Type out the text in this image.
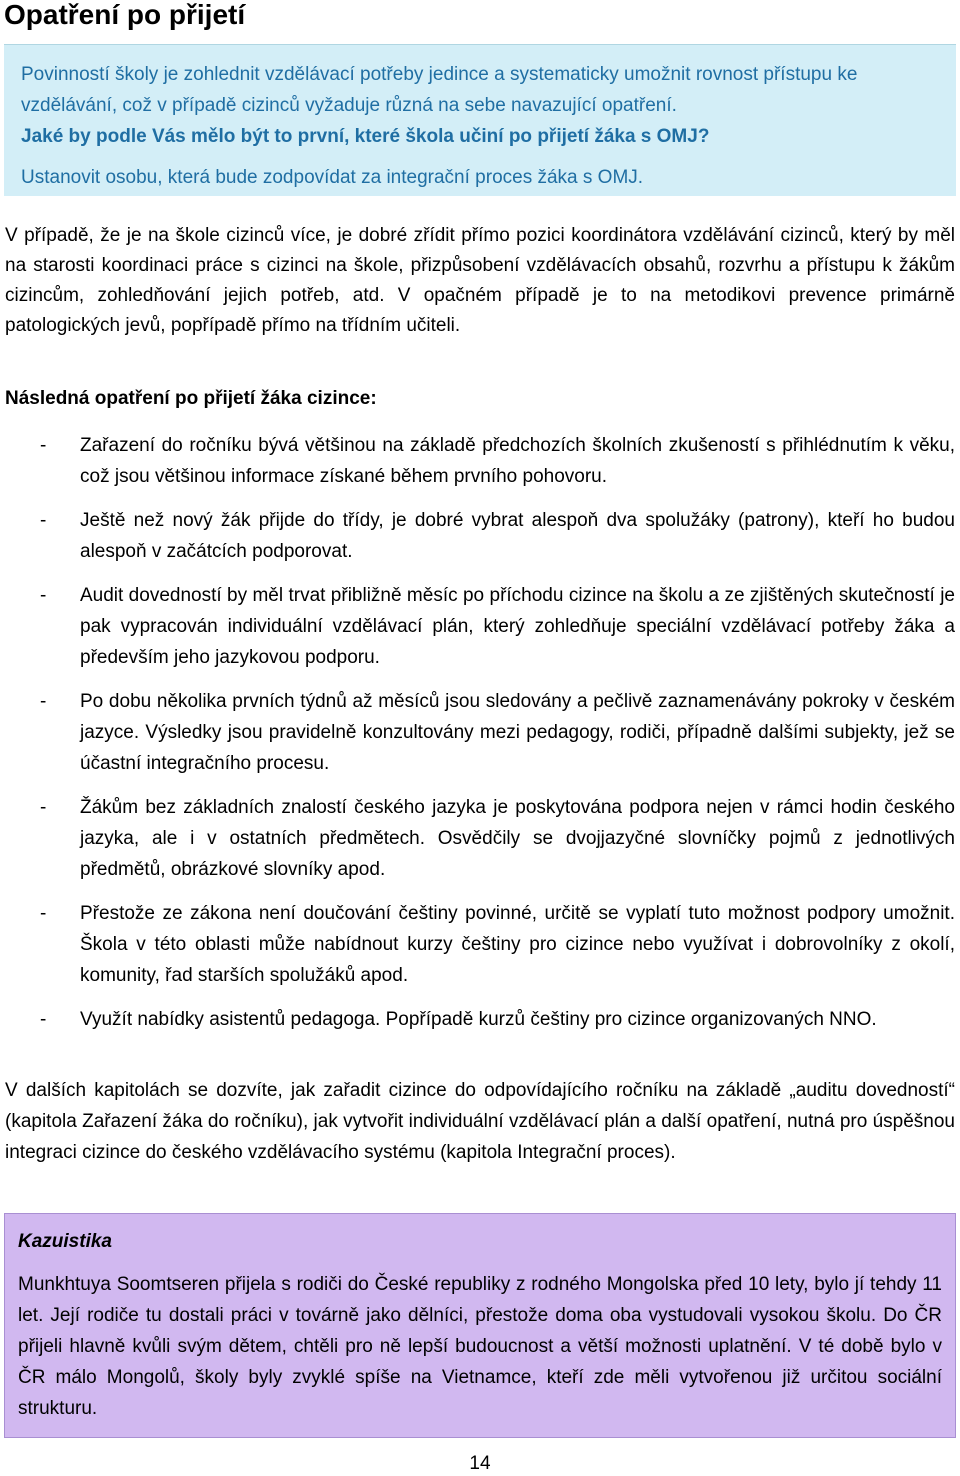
Opatření po přijetí

Povinností školy je zohlednit vzdělávací potřeby jedince a systematicky umožnit rovnost přístupu ke vzdělávání, což v případě cizinců vyžaduje různá na sebe navazující opatření.

Jaké by podle Vás mělo být to první, které škola učiní po přijetí žáka s OMJ?

Ustanovit osobu, která bude zodpovídat za integrační proces žáka s OMJ.

V případě, že je na škole cizinců více, je dobré zřídit přímo pozici koordinátora vzdělávání cizinců, který by měl na starosti koordinaci práce s cizinci na škole, přizpůsobení vzdělávacích obsahů, rozvrhu a přístupu k žákům cizincům, zohledňování jejich potřeb, atd. V opačném případě je to na metodikovi prevence primárně patologických jevů, popřípadě přímo na třídním učiteli.

Následná opatření po přijetí žáka cizince:

- Zařazení do ročníku bývá většinou na základě předchozích školních zkušeností s přihlédnutím k věku, což jsou většinou informace získané během prvního pohovoru.
- Ještě než nový žák přijde do třídy, je dobré vybrat alespoň dva spolužáky (patrony), kteří ho budou alespoň v začátcích podporovat.
- Audit dovedností by měl trvat přibližně měsíc po příchodu cizince na školu a ze zjištěných skutečností je pak vypracován individuální vzdělávací plán, který zohledňuje speciální vzdělávací potřeby žáka a především jeho jazykovou podporu.
- Po dobu několika prvních týdnů až měsíců jsou sledovány a pečlivě zaznamenávány pokroky v českém jazyce. Výsledky jsou pravidelně konzultovány mezi pedagogy, rodiči, případně dalšími subjekty, jež se účastní integračního procesu.
- Žákům bez základních znalostí českého jazyka je poskytována podpora nejen v rámci hodin českého jazyka, ale i v ostatních předmětech. Osvědčily se dvojjazyčné slovníčky pojmů z jednotlivých předmětů, obrázkové slovníky apod.
- Přestože ze zákona není doučování češtiny povinné, určitě se vyplatí tuto možnost podpory umožnit. Škola v této oblasti může nabídnout kurzy češtiny pro cizince nebo využívat i dobrovolníky z okolí, komunity, řad starších spolužáků apod.
- Využít nabídky asistentů pedagoga. Popřípadě kurzů češtiny pro cizince organizovaných NNO.

V dalších kapitolách se dozvíte, jak zařadit cizince do odpovídajícího ročníku na základě „auditu dovedností“ (kapitola Zařazení žáka do ročníku), jak vytvořit individuální vzdělávací plán a další opatření, nutná pro úspěšnou integraci cizince do českého vzdělávacího systému (kapitola Integrační proces).

Kazuistika

Munkhtuya Soomtseren přijela s rodiči do České republiky z rodného Mongolska před 10 lety, bylo jí tehdy 11 let. Její rodiče tu dostali práci v továrně jako dělníci, přestože doma oba vystudovali vysokou školu. Do ČR přijeli hlavně kvůli svým dětem, chtěli pro ně lepší budoucnost a větší možnosti uplatnění. V té době bylo v ČR málo Mongolů, školy byly zvyklé spíše na Vietnamce, kteří zde měli vytvořenou již určitou sociální strukturu.

14
